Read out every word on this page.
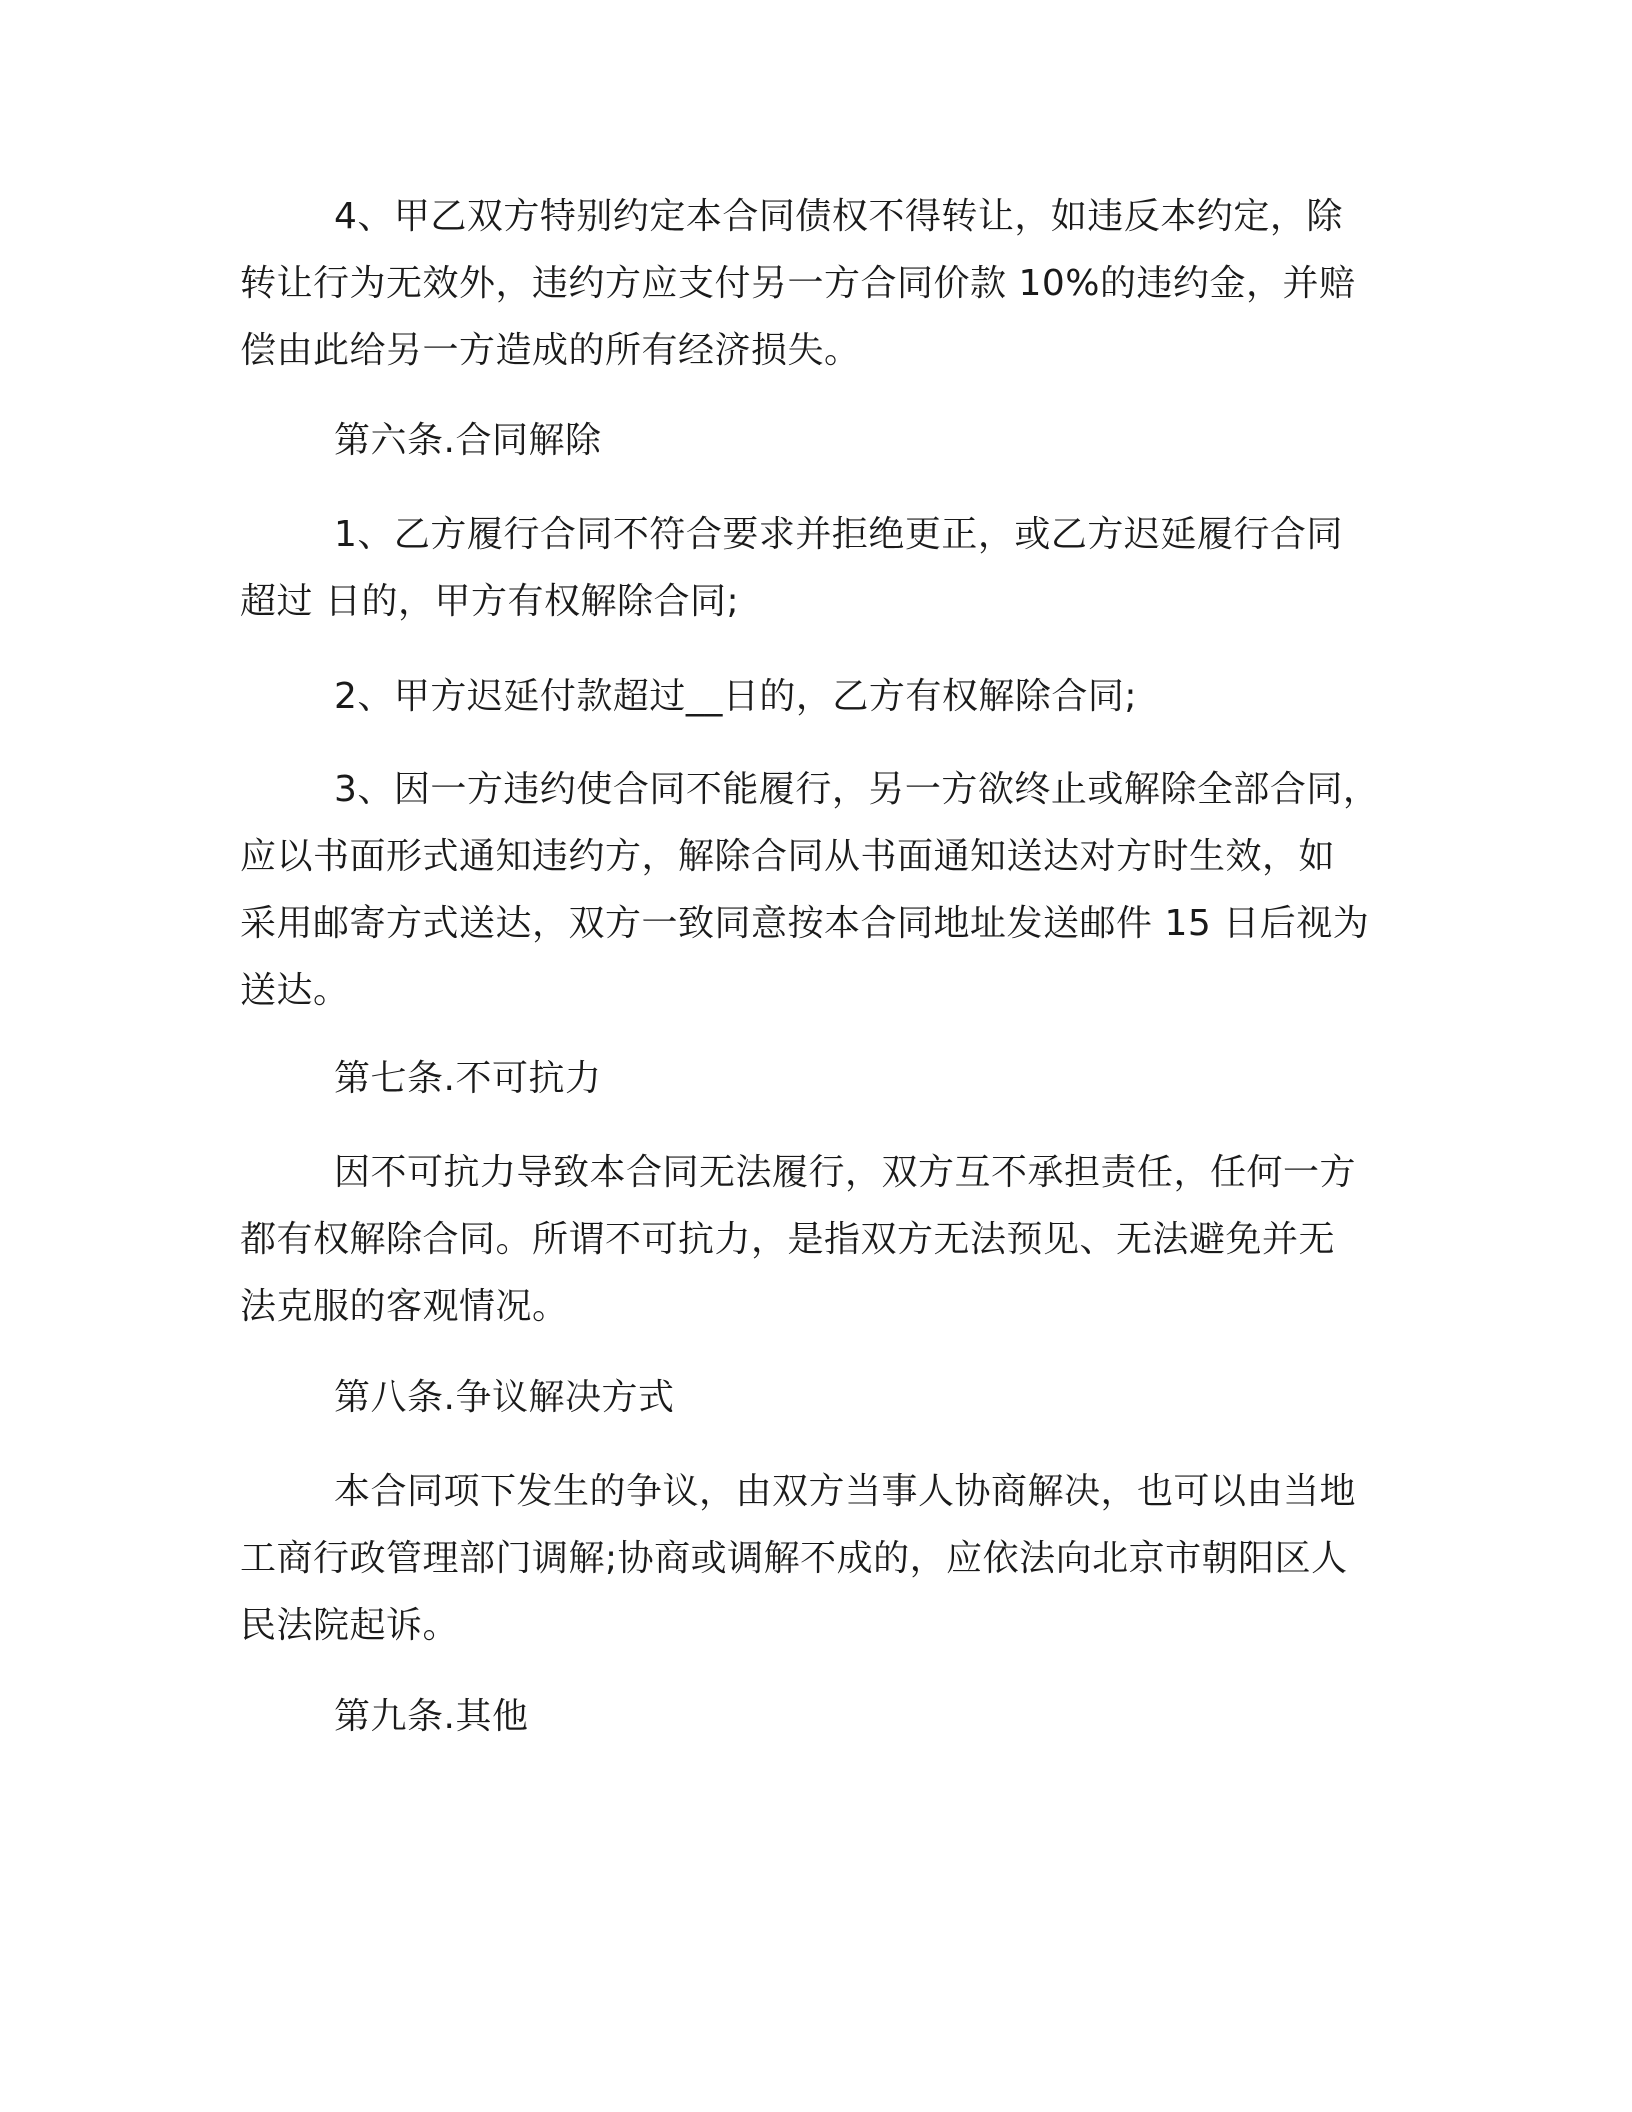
4、甲乙双方特别约定本合同债权不得转让，如违反本约定，除
转让行为无效外，违约方应支付另一方合同价款 10%的违约金，并赔
偿由此给另一方造成的所有经济损失。

第六条.合同解除

1、乙方履行合同不符合要求并拒绝更正，或乙方迟延履行合同
超过 日的，甲方有权解除合同;

2、甲方迟延付款超过__日的，乙方有权解除合同;

3、因一方违约使合同不能履行，另一方欲终止或解除全部合同，
应以书面形式通知违约方，解除合同从书面通知送达对方时生效，如
采用邮寄方式送达，双方一致同意按本合同地址发送邮件 15 日后视为
送达。

第七条.不可抗力

因不可抗力导致本合同无法履行，双方互不承担责任，任何一方
都有权解除合同。所谓不可抗力，是指双方无法预见、无法避免并无
法克服的客观情况。

第八条.争议解决方式

本合同项下发生的争议，由双方当事人协商解决，也可以由当地
工商行政管理部门调解;协商或调解不成的，应依法向北京市朝阳区人
民法院起诉。

第九条.其他
